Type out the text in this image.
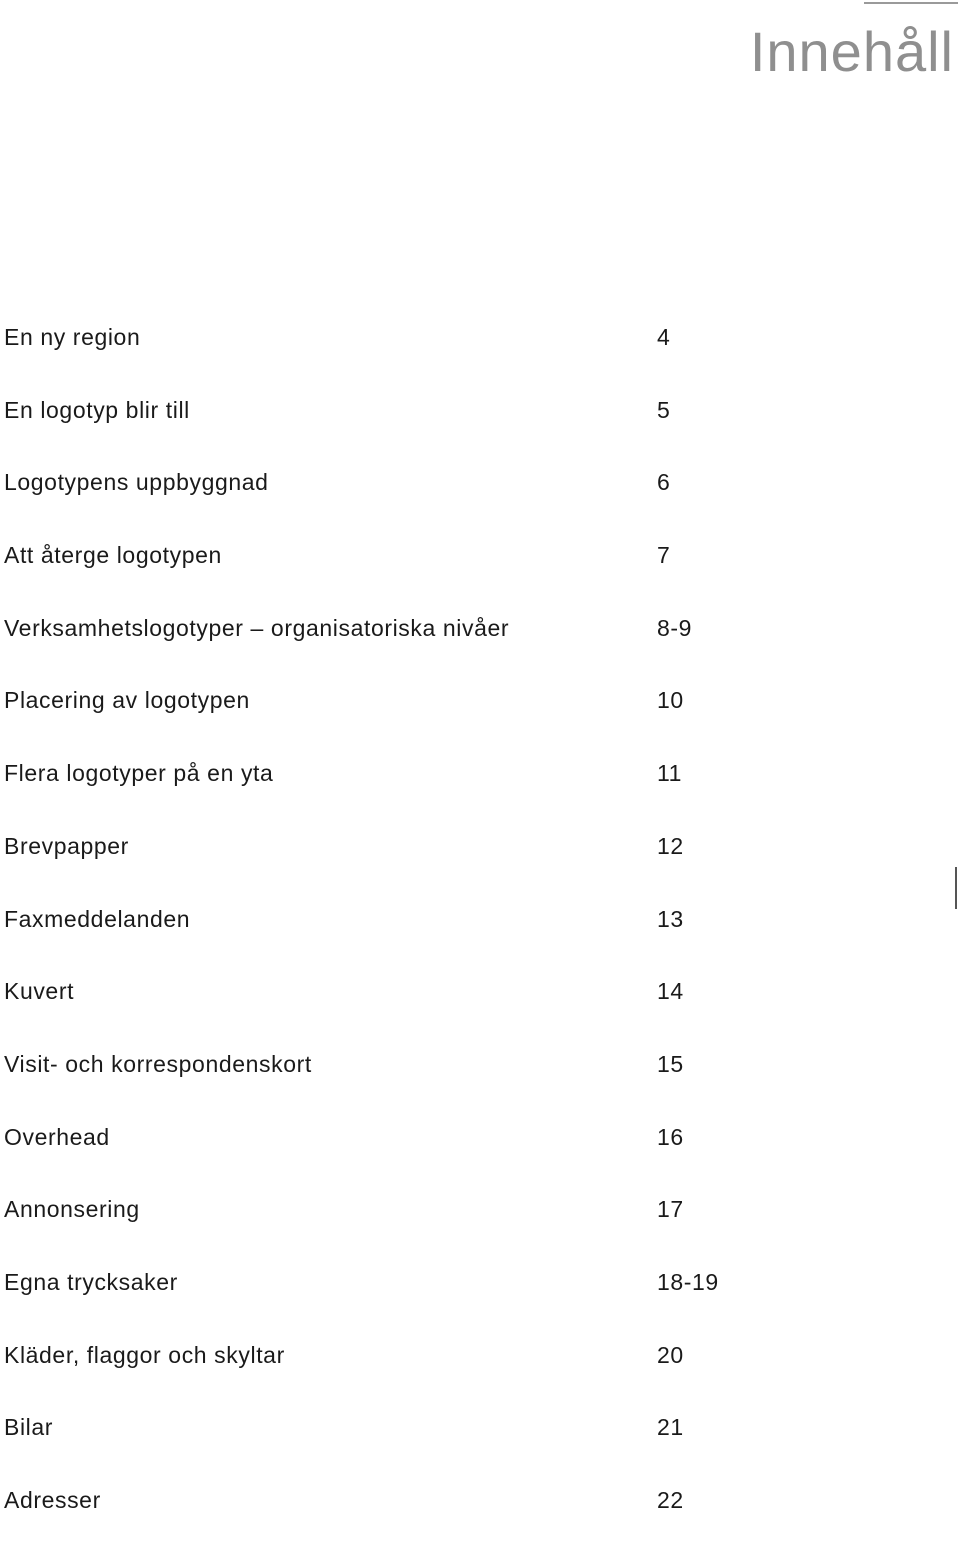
Innehåll
En ny region	4
En logotyp blir till	5
Logotypens uppbyggnad	6
Att återge logotypen	7
Verksamhetslogotyper – organisatoriska nivåer	8-9
Placering av logotypen	10
Flera logotyper på en yta	11
Brevpapper	12
Faxmeddelanden	13
Kuvert	14
Visit- och korrespondenskort	15
Overhead	16
Annonsering	17
Egna trycksaker	18-19
Kläder, flaggor och skyltar	20
Bilar	21
Adresser	22
